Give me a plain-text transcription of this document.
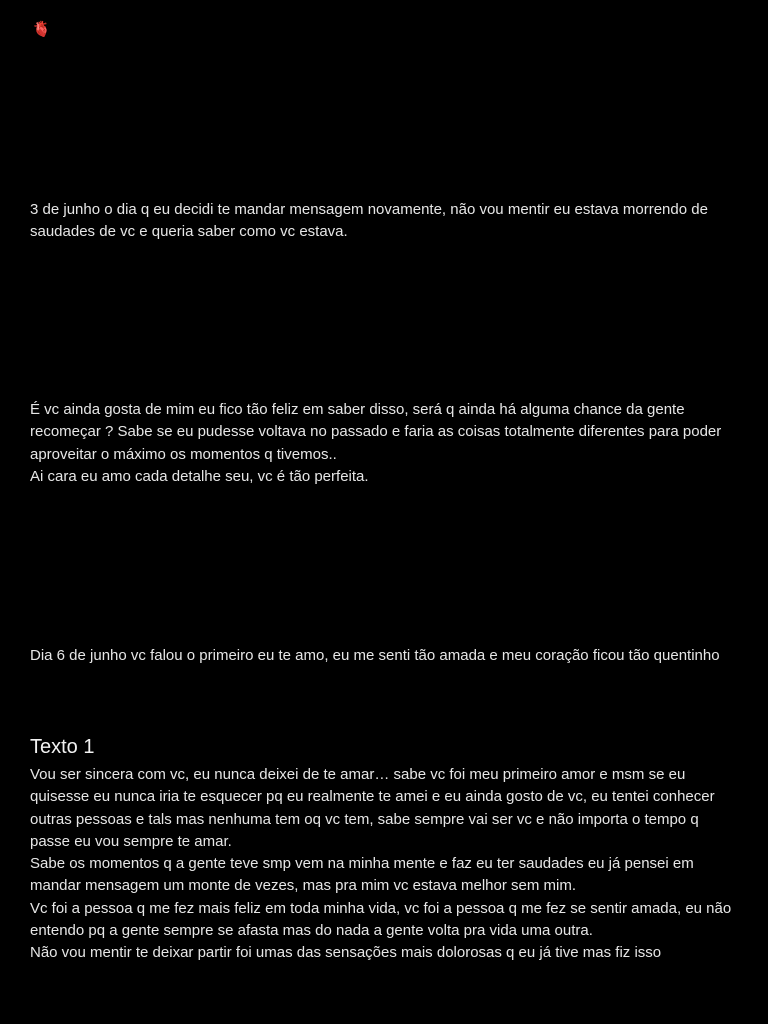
🫀

3 de junho o dia q eu decidi te mandar mensagem novamente, não vou mentir eu estava morrendo de saudades de vc e queria saber como vc estava.

É vc ainda gosta de mim eu fico tão feliz em saber disso, será q ainda há alguma chance da gente recomeçar ? Sabe se eu pudesse voltava no passado e faria as coisas totalmente diferentes para poder aproveitar o máximo os momentos q tivemos..

Ai cara eu amo cada detalhe seu, vc é tão perfeita.

Dia 6 de junho vc falou o primeiro eu te amo, eu me senti tão amada e meu coração ficou tão quentinho

Texto 1

Vou ser sincera com vc, eu nunca deixei de te amar… sabe vc foi meu primeiro amor e msm se eu quisesse eu nunca iria te esquecer pq eu realmente te amei e eu ainda gosto de vc, eu tentei conhecer outras pessoas e tals mas nenhuma tem oq vc tem, sabe sempre vai ser vc e não importa o tempo q passe eu vou sempre te amar.

Sabe os momentos q a gente teve smp vem na minha mente e faz eu ter saudades eu já pensei em mandar mensagem um monte de vezes, mas pra mim vc estava melhor sem mim.

Vc foi a pessoa q me fez mais feliz em toda minha vida, vc foi a pessoa q me fez se sentir amada, eu não entendo pq a gente sempre se afasta mas do nada a gente volta pra vida uma outra.

Não vou mentir te deixar partir foi umas das sensações mais dolorosas q eu já tive mas fiz isso
